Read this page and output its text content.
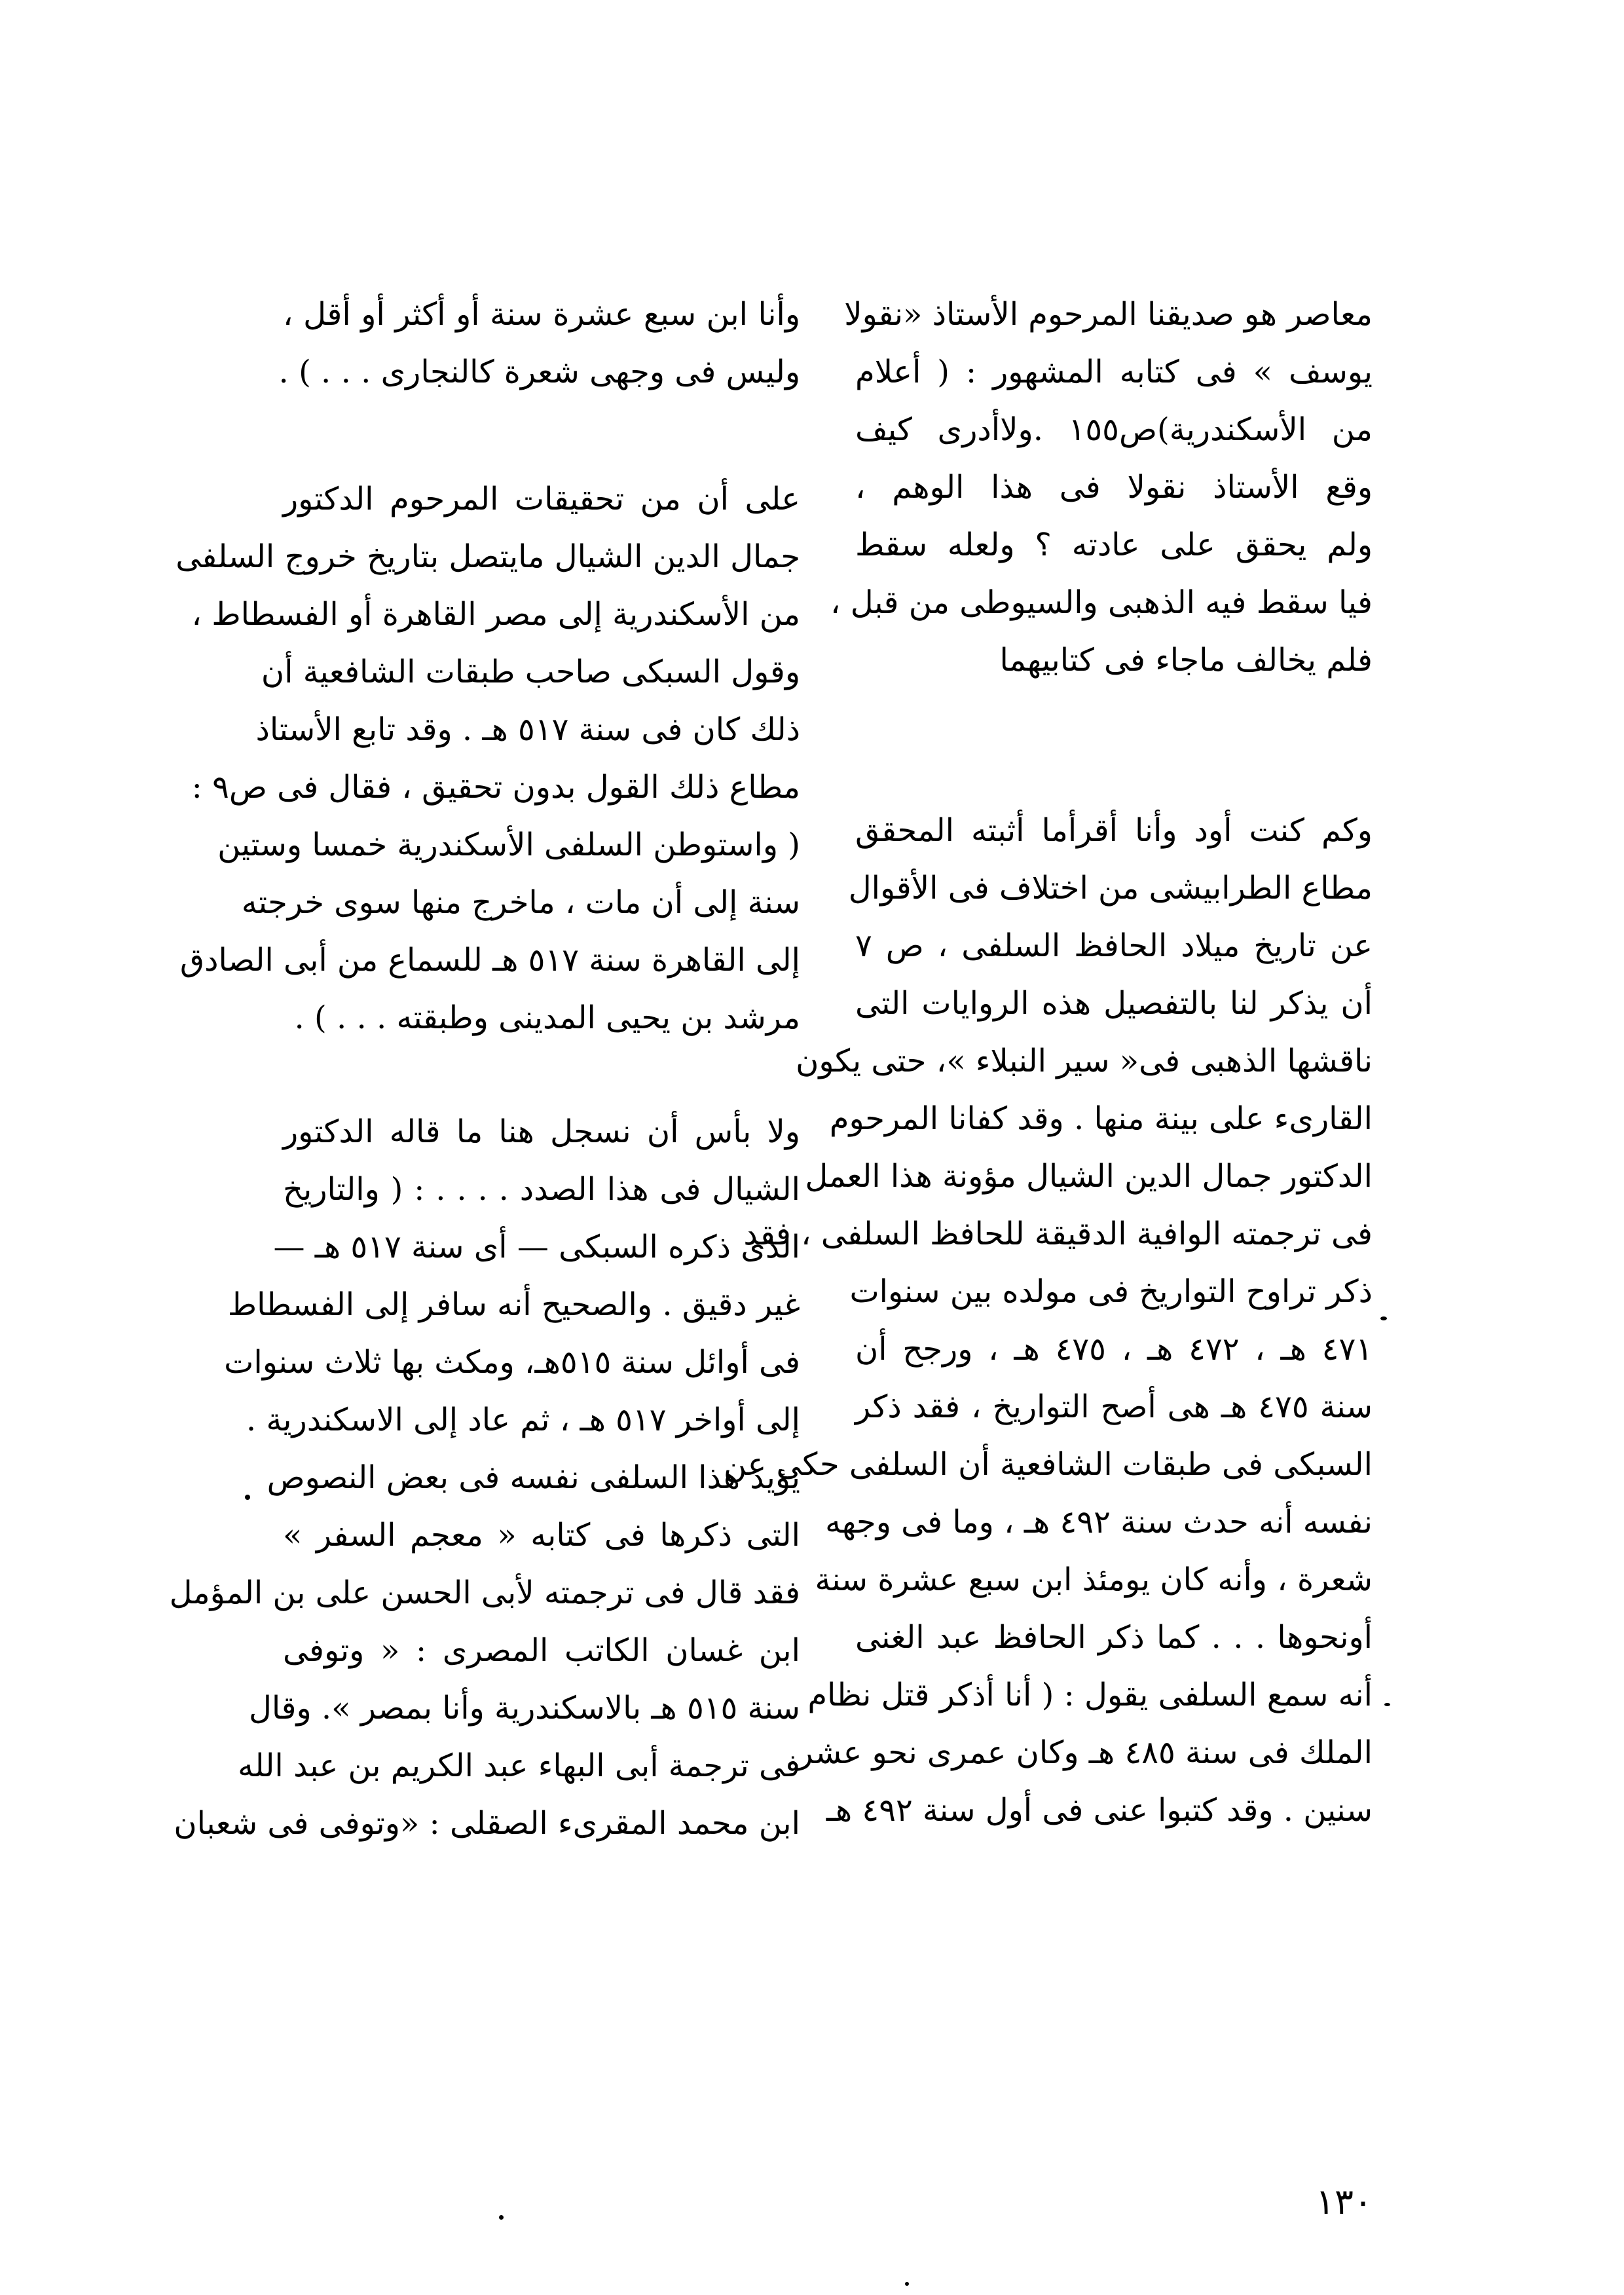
معاصر هو صديقنا المرحوم الأستاذ «نقولا
يوسف » فى كتابه المشهور : ( أعلام
من الأسكندرية)ص١٥٥ .ولاأدرى كيف
وقع الأستاذ نقولا فى هذا الوهم ،
ولم يحقق على عادته ؟ ولعله سقط
فيا سقط فيه الذهبى والسيوطى من قبل ،
فلم يخالف ماجاء فى كتابيهما
وكم كنت أود وأنا أقرأما أثبته المحقق
مطاع الطرابيشى من اختلاف فى الأقوال
عن تاريخ ميلاد الحافظ السلفى ، ص ٧
أن يذكر لنا بالتفصيل هذه الروايات التى
ناقشها الذهبى فى« سير النبلاء »، حتى يكون
القارىء على بينة منها . وقد كفانا المرحوم
الدكتور جمال الدين الشيال مؤونة هذا العمل
فى ترجمته الوافية الدقيقة للحافظ السلفى ، فقد
ذكر تراوح التواريخ فى مولده بين سنوات
٤٧١ هـ ، ٤٧٢ هـ ، ٤٧٥ هـ ، ورجح أن
سنة ٤٧٥ هـ هى أصح التواريخ ، فقد ذكر
السبكى فى طبقات الشافعية أن السلفى حكى عن
نفسه أنه حدث سنة ٤٩٢ هـ ، وما فى وجهه
شعرة ، وأنه كان يومئذ ابن سبع عشرة سنة
أونحوها . . . كما ذكر الحافظ عبد الغنى
أنه سمع السلفى يقول : ( أنا أذكر قتل نظام
الملك فى سنة ٤٨٥ هـ وكان عمرى نحو عشر
سنين . وقد كتبوا عنى فى أول سنة ٤٩٢ هـ
وأنا ابن سبع عشرة سنة أو أكثر أو أقل ،
وليس فى وجهى شعرة كالنجارى . . . ) .
على أن من تحقيقات المرحوم الدكتور
جمال الدين الشيال مايتصل بتاريخ خروج السلفى
من الأسكندرية إلى مصر القاهرة أو الفسطاط ،
وقول السبكى صاحب طبقات الشافعية أن
ذلك كان فى سنة ٥١٧ هـ . وقد تابع الأستاذ
مطاع ذلك القول بدون تحقيق ، فقال فى ص٩ :
( واستوطن السلفى الأسكندرية خمسا وستين
سنة إلى أن مات ، ماخرج منها سوى خرجته
إلى القاهرة سنة ٥١٧ هـ للسماع من أبى الصادق
مرشد بن يحيى المدينى وطبقته . . . ) .
ولا بأس أن نسجل هنا ما قاله الدكتور
الشيال فى هذا الصدد . . . . : ( والتاريخ
الذى ذكره السبكى — أى سنة ٥١٧ هـ —
غير دقيق . والصحيح أنه سافر إلى الفسطاط
فى أوائل سنة ٥١٥هـ، ومكث بها ثلاث سنوات
إلى أواخر ٥١٧ هـ ، ثم عاد إلى الاسكندرية .
يؤيد هذا السلفى نفسه فى بعض النصوص
التى ذكرها فى كتابه « معجم السفر »
فقد قال فى ترجمته لأبى الحسن على بن المؤمل
ابن غسان الكاتب المصرى : « وتوفى
سنة ٥١٥ هـ بالاسكندرية وأنا بمصر ». وقال
فى ترجمة أبى البهاء عبد الكريم بن عبد الله
ابن محمد المقرىء الصقلى : «وتوفى فى شعبان
١٣٠
